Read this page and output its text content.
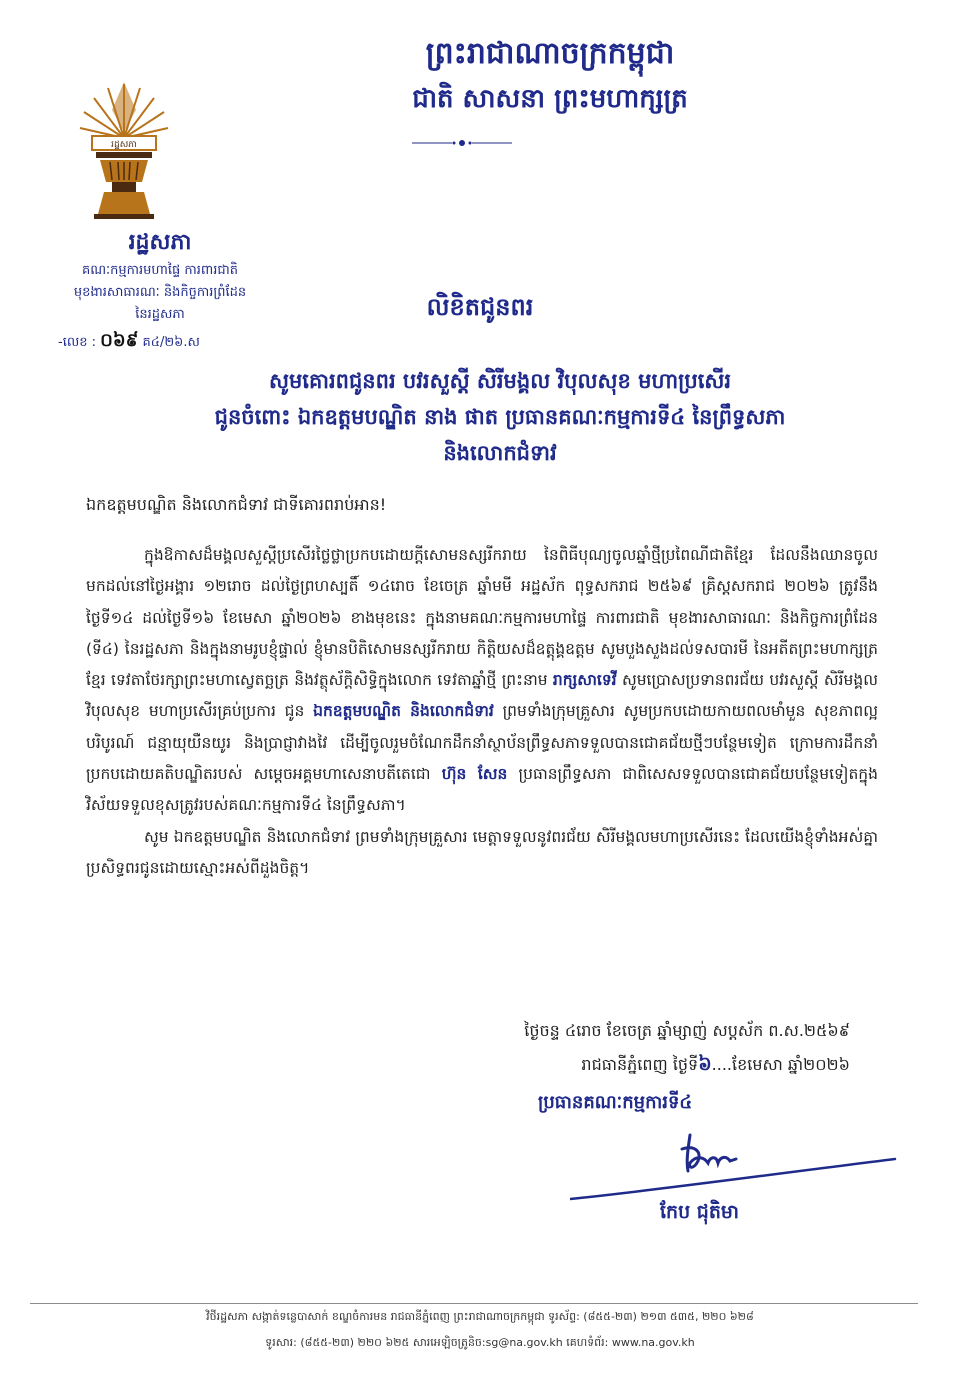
ព្រះរាជាណាចក្រកម្ពុជា
ជាតិ សាសនា ព្រះមហាក្សត្រ
រដ្ឋសភា
រដ្ឋសភា
គណៈកម្មការមហាផ្ទៃ ការពារជាតិ
មុខងារសាធារណៈ និងកិច្ចការព្រំដែន
នៃរដ្ឋសភា
-លេខ : ០៦៩ គ៤/២៦.ស
លិខិតជូនពរ
សូមគោរពជូនពរ បវរសួស្តី សិរីមង្គល វិបុលសុខ មហាប្រសើរ
ជូនចំពោះ ឯកឧត្តមបណ្ឌិត នាង ផាត ប្រធានគណៈកម្មការទី៤ នៃព្រឹទ្ធសភា
និងលោកជំទាវ
ឯកឧត្តមបណ្ឌិត និងលោកជំទាវ ជាទីគោរពរាប់អាន!

ក្នុងឱកាសដ៏មង្គលសួស្តីប្រសើរថ្លៃថ្លាប្រកបដោយក្តីសោមនស្សរីករាយ នៃពិធីបុណ្យចូលឆ្នាំថ្មីប្រពៃណីជាតិខ្មែរ ដែលនឹងឈានចូលមកដល់នៅថ្ងៃអង្គារ ១២រោច ដល់ថ្ងៃព្រហស្បតិ៍ ១៤រោច ខែចេត្រ ឆ្នាំមមី អដ្ឋស័ក ពុទ្ធសករាជ ២៥៦៩ គ្រិស្តសករាជ ២០២៦ ត្រូវនឹងថ្ងៃទី១៤ ដល់ថ្ងៃទី១៦ ខែមេសា ឆ្នាំ២០២៦ ខាងមុខនេះ ក្នុងនាមគណៈកម្មការមហាផ្ទៃ ការពារជាតិ មុខងារសាធារណៈ និងកិច្ចការព្រំដែន (ទី៤) នៃរដ្ឋសភា និងក្នុងនាមរូបខ្ញុំផ្ទាល់ ខ្ញុំមានបិតិសោមនស្សរីករាយ កិត្តិយសដ៏ឧត្តុង្គឧត្តម សូមបួងសួងដល់ទសបារមី នៃអតីតព្រះមហាក្សត្រខ្មែរ ទេវតាថែរក្សាព្រះមហាស្វេតច្ឆត្រ និងវត្ថុស័ក្តិសិទ្ធិក្នុងលោក ទេវតាឆ្នាំថ្មី ព្រះនាម រាក្សសាទេវី សូមប្រោសប្រទានពរជ័យ បវរសួស្តី សិរីមង្គល វិបុលសុខ មហាប្រសើរគ្រប់ប្រការ ជូន ឯកឧត្តមបណ្ឌិត និងលោកជំទាវ ព្រមទាំងក្រុមគ្រួសារ សូមប្រកបដោយកាយពលមាំមួន សុខភាពល្អបរិបូរណ៍ ជន្មាយុយឺនយូរ និងប្រាជ្ញាវាងវៃ ដើម្បីចូលរួមចំណែកដឹកនាំស្ថាប័នព្រឹទ្ធសភាទទួលបានជោគជ័យថ្មីៗបន្ថែមទៀត ក្រោមការដឹកនាំប្រកបដោយគតិបណ្ឌិតរបស់ សម្តេចអគ្គមហាសេនាបតីតេជោ ហ៊ុន សែន ប្រធានព្រឹទ្ធសភា ជាពិសេសទទួលបានជោគជ័យបន្ថែមទៀតក្នុងវិស័យទទួលខុសត្រូវរបស់គណៈកម្មការទី៤ នៃព្រឹទ្ធសភា។

សូម ឯកឧត្តមបណ្ឌិត និងលោកជំទាវ ព្រមទាំងក្រុមគ្រួសារ មេត្តាទទួលនូវពរជ័យ សិរីមង្គលមហាប្រសើរនេះ ដែលយើងខ្ញុំទាំងអស់គ្នា ប្រសិទ្ធពរជូនដោយស្មោះអស់ពីដួងចិត្ត។

ថ្ងៃចន្ទ ៤រោច ខែចេត្រ ឆ្នាំម្សាញ់ សប្តស័ក ព.ស.២៥៦៩
រាជធានីភ្នំពេញ ថ្ងៃទី៦....ខែមេសា ឆ្នាំ២០២៦
ប្រធានគណៈកម្មការទី៤
កែប ជុតិមា
វិថីរដ្ឋសភា សង្កាត់ទន្លេបាសាក់ ខណ្ឌចំការមន រាជធានីភ្នំពេញ ព្រះរាជាណាចក្រកម្ពុជា ទូរស័ព្ទ: (៨៥៥-២៣) ២១៣ ៥៣៥, ២២០ ៦២៨
ទូរសារ: (៨៥៥-២៣) ២២០ ៦២៥ សារអេឡិចត្រូនិច:sg@na.gov.kh គេហទំព័រ: www.na.gov.kh
